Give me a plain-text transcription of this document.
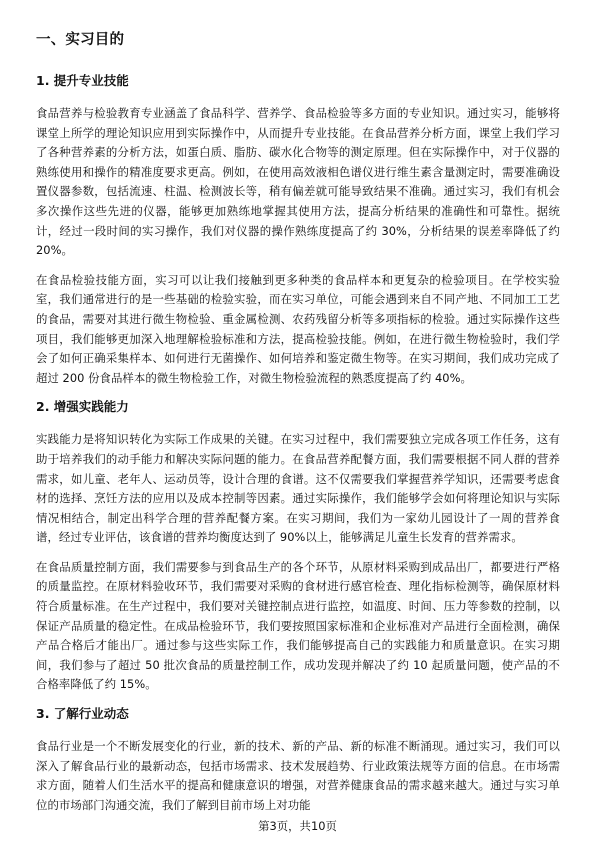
一、实习目的
1. 提升专业技能

食品营养与检验教育专业涵盖了食品科学、营养学、食品检验等多方面的专业知识。通过实习，能够将课堂上所学的理论知识应用到实际操作中，从而提升专业技能。在食品营养分析方面，课堂上我们学习了各种营养素的分析方法，如蛋白质、脂肪、碳水化合物等的测定原理。但在实际操作中，对于仪器的熟练使用和操作的精准度要求更高。例如，在使用高效液相色谱仪进行维生素含量测定时，需要准确设置仪器参数，包括流速、柱温、检测波长等，稍有偏差就可能导致结果不准确。通过实习，我们有机会多次操作这些先进的仪器，能够更加熟练地掌握其使用方法，提高分析结果的准确性和可靠性。据统计，经过一段时间的实习操作，我们对仪器的操作熟练度提高了约 30%，分析结果的误差率降低了约 20%。

在食品检验技能方面，实习可以让我们接触到更多种类的食品样本和更复杂的检验项目。在学校实验室，我们通常进行的是一些基础的检验实验，而在实习单位，可能会遇到来自不同产地、不同加工工艺的食品，需要对其进行微生物检验、重金属检测、农药残留分析等多项指标的检验。通过实际操作这些项目，我们能够更加深入地理解检验标准和方法，提高检验技能。例如，在进行微生物检验时，我们学会了如何正确采集样本、如何进行无菌操作、如何培养和鉴定微生物等。在实习期间，我们成功完成了超过 200 份食品样本的微生物检验工作，对微生物检验流程的熟悉度提高了约 40%。

2. 增强实践能力

实践能力是将知识转化为实际工作成果的关键。在实习过程中，我们需要独立完成各项工作任务，这有助于培养我们的动手能力和解决实际问题的能力。在食品营养配餐方面，我们需要根据不同人群的营养需求，如儿童、老年人、运动员等，设计合理的食谱。这不仅需要我们掌握营养学知识，还需要考虑食材的选择、烹饪方法的应用以及成本控制等因素。通过实际操作，我们能够学会如何将理论知识与实际情况相结合，制定出科学合理的营养配餐方案。在实习期间，我们为一家幼儿园设计了一周的营养食谱，经过专业评估，该食谱的营养均衡度达到了 90%以上，能够满足儿童生长发育的营养需求。

在食品质量控制方面，我们需要参与到食品生产的各个环节，从原材料采购到成品出厂，都要进行严格的质量监控。在原材料验收环节，我们需要对采购的食材进行感官检查、理化指标检测等，确保原材料符合质量标准。在生产过程中，我们要对关键控制点进行监控，如温度、时间、压力等参数的控制，以保证产品质量的稳定性。在成品检验环节，我们要按照国家标准和企业标准对产品进行全面检测，确保产品合格后才能出厂。通过参与这些实际工作，我们能够提高自己的实践能力和质量意识。在实习期间，我们参与了超过 50 批次食品的质量控制工作，成功发现并解决了约 10 起质量问题，使产品的不合格率降低了约 15%。

3. 了解行业动态

食品行业是一个不断发展变化的行业，新的技术、新的产品、新的标准不断涌现。通过实习，我们可以深入了解食品行业的最新动态，包括市场需求、技术发展趋势、行业政策法规等方面的信息。在市场需求方面，随着人们生活水平的提高和健康意识的增强，对营养健康食品的需求越来越大。通过与实习单位的市场部门沟通交流，我们了解到目前市场上对功能

第3页，共10页
